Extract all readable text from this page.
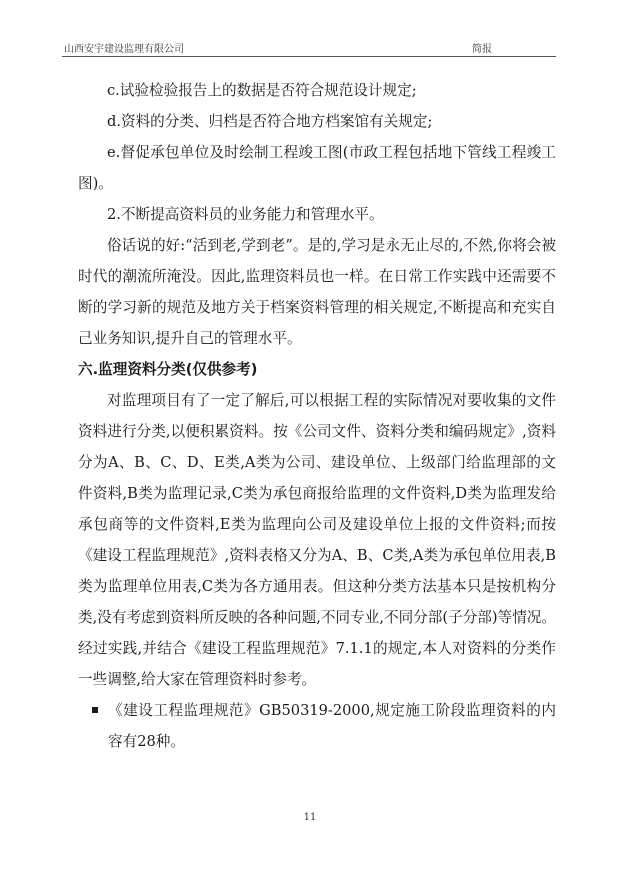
山西安宇建设监理有限公司	简报

c.试验检验报告上的数据是否符合规范设计规定;

d.资料的分类、归档是否符合地方档案馆有关规定;

e.督促承包单位及时绘制工程竣工图(市政工程包括地下管线工程竣工图)。

2.不断提高资料员的业务能力和管理水平。

俗话说的好:“活到老,学到老”。是的,学习是永无止尽的,不然,你将会被时代的潮流所淹没。因此,监理资料员也一样。在日常工作实践中还需要不断的学习新的规范及地方关于档案资料管理的相关规定,不断提高和充实自己业务知识,提升自己的管理水平。

六.监理资料分类(仅供参考)

对监理项目有了一定了解后,可以根据工程的实际情况对要收集的文件资料进行分类,以便积累资料。按《公司文件、资料分类和编码规定》,资料分为A、B、C、D、E类,A类为公司、建设单位、上级部门给监理部的文件资料,B类为监理记录,C类为承包商报给监理的文件资料,D类为监理发给承包商等的文件资料,E类为监理向公司及建设单位上报的文件资料;而按《建设工程监理规范》,资料表格又分为A、B、C类,A类为承包单位用表,B类为监理单位用表,C类为各方通用表。但这种分类方法基本只是按机构分类,没有考虑到资料所反映的各种问题,不同专业,不同分部(子分部)等情况。经过实践,并结合《建设工程监理规范》7.1.1的规定,本人对资料的分类作一些调整,给大家在管理资料时参考。

《建设工程监理规范》GB50319-2000,规定施工阶段监理资料的内容有28种。

11
